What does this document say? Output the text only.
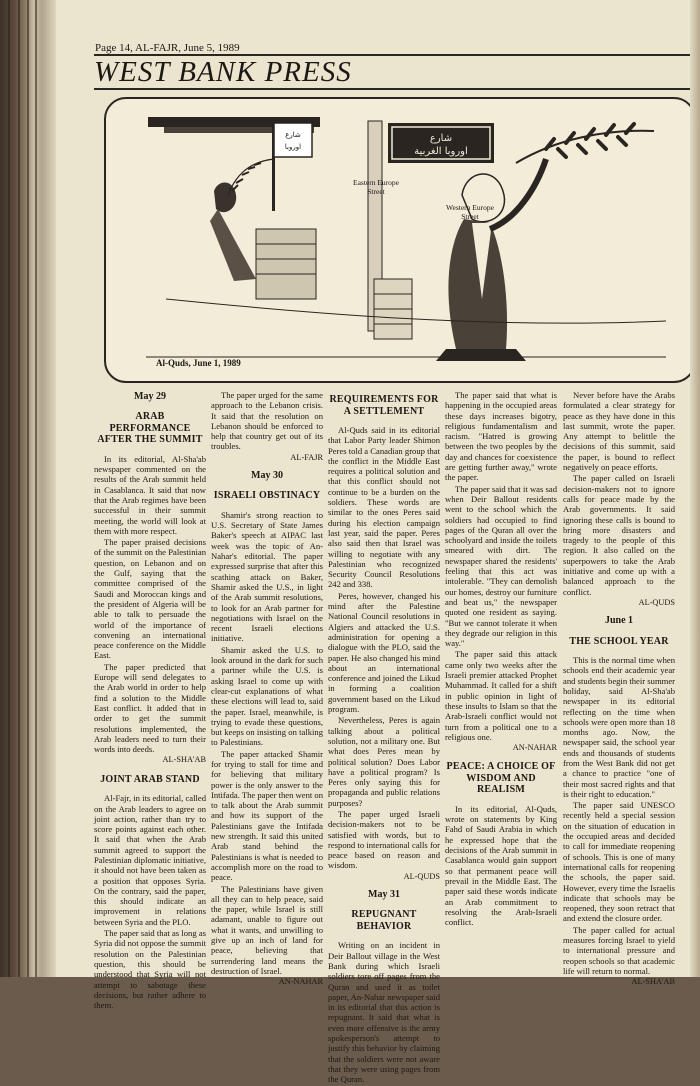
Page 14, AL-FAJR, June 5, 1989
WEST BANK PRESS
شارع
اوروبا
شارع
اوروبا الغربية
Eastern Europe Street
Western Europe Street
Al-Quds, June 1, 1989
May 29
ARAB PERFORMANCE AFTER THE SUMMIT

In its editorial, Al-Sha'ab newspaper commented on the results of the Arab summit held in Casablanca. It said that now that the Arab regimes have been successful in their summit meeting, the world will look at them with more respect.

The paper praised decisions of the summit on the Palestinian question, on Lebanon and on the Gulf, saying that the committee comprised of the Saudi and Moroccan kings and the president of Algeria will be able to talk to persuade the world of the importance of convening an international peace conference on the Middle East.

The paper predicted that Europe will send delegates to the Arab world in order to help find a solution to the Middle East conflict. It added that in order to get the summit resolutions implemented, the Arab leaders need to turn their words into deeds.

AL-SHA'AB
JOINT ARAB STAND

Al-Fajr, in its editorial, called on the Arab leaders to agree on joint action, rather than try to score points against each other. It said that when the Arab summit agreed to support the Palestinian diplomatic initiative, it should not have been taken as a position that opposes Syria. On the contrary, said the paper, this should indicate an improvement in relations between Syria and the PLO.

The paper said that as long as Syria did not oppose the summit resolution on the Palestinian question, this should be understood that Syria will not attempt to sabotage these decisions, but rather adhere to them.

The paper urged for the same approach to the Lebanon crisis. It said that the resolution on Lebanon should be enforced to help that country get out of its troubles.

AL-FAJR
May 30
ISRAELI OBSTINACY

Shamir's strong reaction to U.S. Secretary of State James Baker's speech at AIPAC last week was the topic of An-Nahar's editorial. The paper expressed surprise that after this scathing attack on Baker, Shamir asked the U.S., in light of the Arab summit resolutions, to look for an Arab partner for negotiations with Israel on the recent Israeli elections initiative.

Shamir asked the U.S. to look around in the dark for such a partner while the U.S. is asking Israel to come up with clear-cut explanations of what these elections will lead to, said the paper. Israel, meanwhile, is trying to evade these questions, but keeps on insisting on talking to Palestinians.

The paper attacked Shamir for trying to stall for time and for believing that military power is the only answer to the Intifada. The paper then went on to talk about the Arab summit and how its support of the Palestinians gave the Intifada new strength. It said this united Arab stand behind the Palestinians is what is needed to accomplish more on the road to peace.

The Palestinians have given all they can to help peace, said the paper, while Israel is still adamant, unable to figure out what it wants, and unwilling to give up an inch of land for peace, believing that surrendering land means the destruction of Israel.

AN-NAHAR
REQUIREMENTS FOR A SETTLEMENT

Al-Quds said in its editorial that Labor Party leader Shimon Peres told a Canadian group that the conflict in the Middle East requires a political solution and that this conflict should not continue to be a burden on the soldiers. These words are similar to the ones Peres said during his election campaign last year, said the paper. Peres also said then that Israel was willing to negotiate with any Palestinian who recognized Security Council Resolutions 242 and 338.

Peres, however, changed his mind after the Palestine National Council resolutions in Algiers and attacked the U.S. administration for opening a dialogue with the PLO, said the paper. He also changed his mind about an international conference and joined the Likud in forming a coalition government based on the Likud program.

Nevertheless, Peres is again talking about a political solution, not a military one. But what does Peres mean by political solution? Does Labor have a political program? Is Peres only saying this for propaganda and public relations purposes?

The paper urged Israeli decision-makers not to be satisfied with words, but to respond to international calls for peace based on reason and wisdom.

AL-QUDS
May 31
REPUGNANT BEHAVIOR

Writing on an incident in Deir Ballout village in the West Bank during which Israeli soldiers tore off pages from the Quran and used it as toilet paper, An-Nahar newspaper said in its editorial that this action is repugnant. It said that what is even more offensive is the army spokesperson's attempt to justify this behavior by claiming that the soldiers were not aware that they were using pages from the Quran.

The paper said that what is happening in the occupied areas these days increases bigotry, religious fundamentalism and racism. "Hatred is growing between the two peoples by the day and chances for coexistence are getting further away," wrote the paper.

The paper said that it was sad when Deir Ballout residents went to the school which the soldiers had occupied to find pages of the Quran all over the schoolyard and inside the toilets smeared with dirt. The newspaper shared the residents' feeling that this act was intolerable. "They can demolish our homes, destroy our furniture and beat us," the newspaper quoted one resident as saying. "But we cannot tolerate it when they degrade our religion in this way."

The paper said this attack came only two weeks after the Israeli premier attacked Prophet Muhammad. It called for a shift in public opinion in light of these insults to Islam so that the Arab-Israeli conflict would not turn from a political one to a religious one.

AN-NAHAR
PEACE: A CHOICE OF WISDOM AND REALISM

In its editorial, Al-Quds, wrote on statements by King Fahd of Saudi Arabia in which he expressed hope that the decisions of the Arab summit in Casablanca would gain support so that permanent peace will prevail in the Middle East. The paper said these words indicate an Arab commitment to resolving the Arab-Israeli conflict.

Never before have the Arabs formulated a clear strategy for peace as they have done in this last summit, wrote the paper. Any attempt to belittle the decisions of this summit, said the paper, is bound to reflect negatively on peace efforts.

The paper called on Israeli decision-makers not to ignore calls for peace made by the Arab governments. It said ignoring these calls is bound to bring more disasters and tragedy to the people of this region. It also called on the superpowers to take the Arab initiative and come up with a balanced approach to the conflict.

AL-QUDS
June 1
THE SCHOOL YEAR

This is the normal time when schools end their academic year and students begin their summer holiday, said Al-Sha'ab newspaper in its editorial reflecting on the time when schools were open more than 18 months ago. Now, the newspaper said, the school year ends and thousands of students from the West Bank did not get a chance to practice "one of their most sacred rights and that is their right to education."

The paper said UNESCO recently held a special session on the situation of education in the occupied areas and decided to call for immediate reopening of schools. This is one of many international calls for reopening the schools, the paper said. However, every time the Israelis indicate that schools may be reopened, they soon retract that and extend the closure order.

The paper called for actual measures forcing Israel to yield to international pressure and reopen schools so that academic life will return to normal.

AL-SHA'AB
